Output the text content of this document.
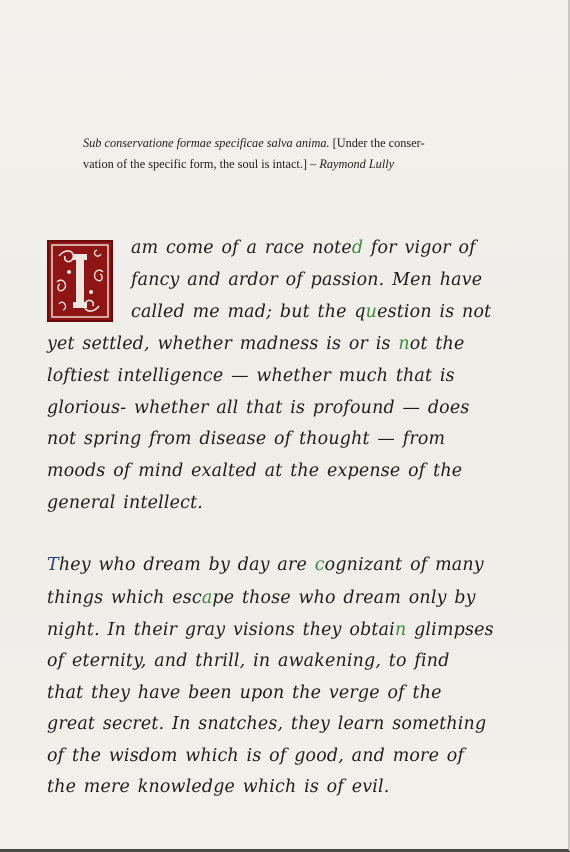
Sub conservatione formae specificae salva anima. [Under the conser-
vation of the specific form, the soul is intact.] – Raymond Lully
am come of a race noted for vigor of
fancy and ardor of passion. Men have
called me mad; but the question is not
yet settled, whether madness is or is not the
loftiest intelligence — whether much that is
glorious- whether all that is profound — does
not spring from disease of thought — from
moods of mind exalted at the expense of the
general intellect.
They who dream by day are cognizant of many
things which escape those who dream only by
night. In their gray visions they obtain glimpses
of eternity, and thrill, in awakening, to find
that they have been upon the verge of the
great secret. In snatches, they learn something
of the wisdom which is of good, and more of
the mere knowledge which is of evil.
